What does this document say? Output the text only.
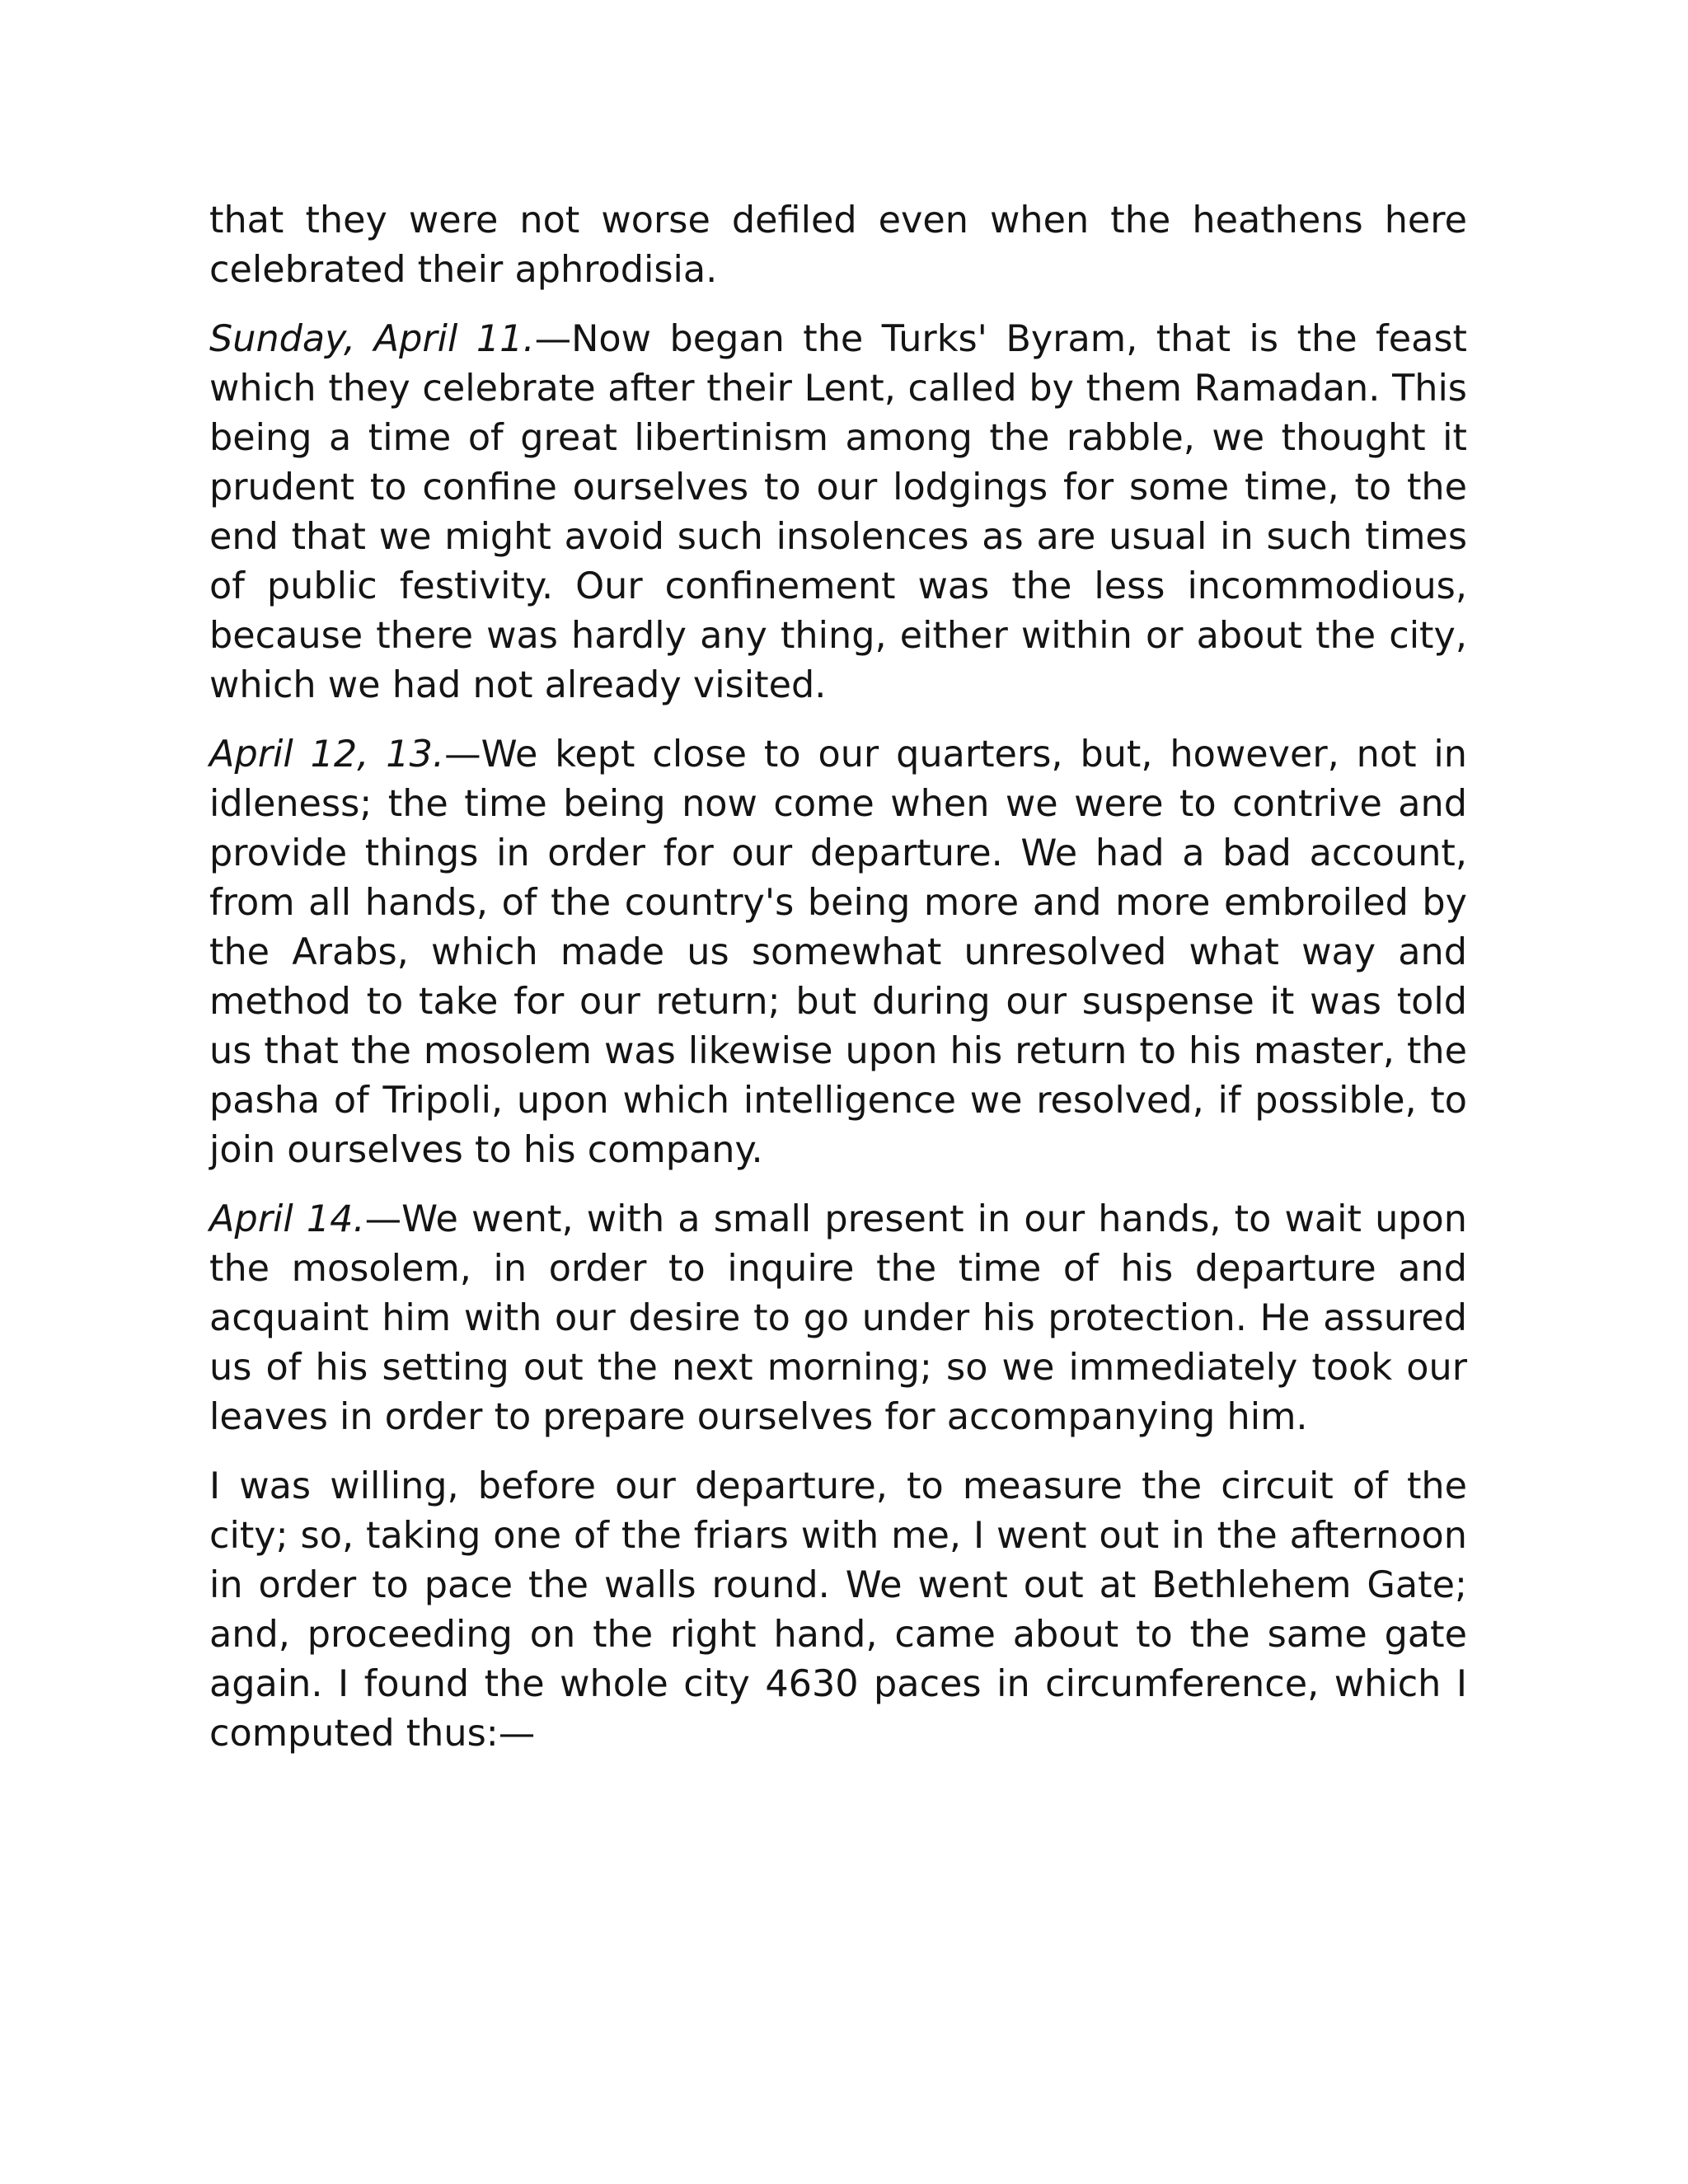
that they were not worse defiled even when the heathens here celebrated their aphrodisia.

Sunday, April 11.—Now began the Turks' Byram, that is the feast which they celebrate after their Lent, called by them Ramadan. This being a time of great libertinism among the rabble, we thought it prudent to confine ourselves to our lodgings for some time, to the end that we might avoid such insolences as are usual in such times of public festivity. Our confinement was the less incommodious, because there was hardly any thing, either within or about the city, which we had not already visited.

April 12, 13.—We kept close to our quarters, but, however, not in idleness; the time being now come when we were to contrive and provide things in order for our departure. We had a bad account, from all hands, of the country's being more and more embroiled by the Arabs, which made us somewhat unresolved what way and method to take for our return; but during our suspense it was told us that the mosolem was likewise upon his return to his master, the pasha of Tripoli, upon which intelligence we resolved, if possible, to join ourselves to his company.

April 14.—We went, with a small present in our hands, to wait upon the mosolem, in order to inquire the time of his departure and acquaint him with our desire to go under his protection. He assured us of his setting out the next morning; so we immediately took our leaves in order to prepare ourselves for accompanying him.

I was willing, before our departure, to measure the circuit of the city; so, taking one of the friars with me, I went out in the afternoon in order to pace the walls round. We went out at Bethlehem Gate; and, proceeding on the right hand, came about to the same gate again. I found the whole city 4630 paces in circumference, which I computed thus:—
